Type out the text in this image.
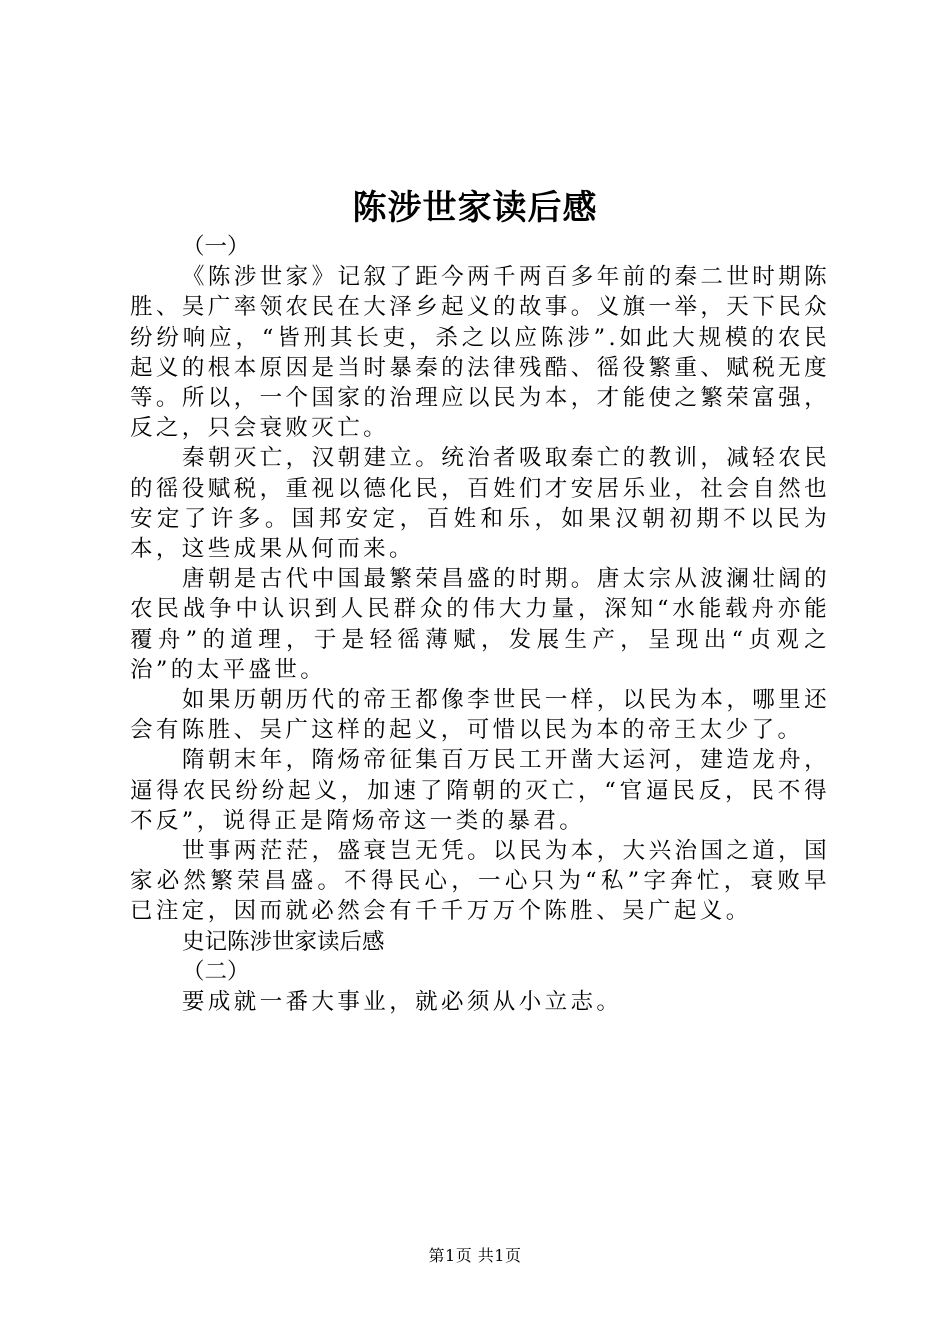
陈涉世家读后感

（一）

《陈涉世家》记叙了距今两千两百多年前的秦二世时期陈胜、吴广率领农民在大泽乡起义的故事。义旗一举，天下民众纷纷响应，“皆刑其长吏，杀之以应陈涉”.如此大规模的农民起义的根本原因是当时暴秦的法律残酷、徭役繁重、赋税无度等。所以，一个国家的治理应以民为本，才能使之繁荣富强，反之，只会衰败灭亡。

秦朝灭亡，汉朝建立。统治者吸取秦亡的教训，减轻农民的徭役赋税，重视以德化民，百姓们才安居乐业，社会自然也安定了许多。国邦安定，百姓和乐，如果汉朝初期不以民为本，这些成果从何而来。

唐朝是古代中国最繁荣昌盛的时期。唐太宗从波澜壮阔的农民战争中认识到人民群众的伟大力量，深知“水能载舟亦能覆舟”的道理，于是轻徭薄赋，发展生产，呈现出“贞观之治”的太平盛世。

如果历朝历代的帝王都像李世民一样，以民为本，哪里还会有陈胜、吴广这样的起义，可惜以民为本的帝王太少了。

隋朝末年，隋炀帝征集百万民工开凿大运河，建造龙舟，逼得农民纷纷起义，加速了隋朝的灭亡，“官逼民反，民不得不反”，说得正是隋炀帝这一类的暴君。

世事两茫茫，盛衰岂无凭。以民为本，大兴治国之道，国家必然繁荣昌盛。不得民心，一心只为“私”字奔忙，衰败早已注定，因而就必然会有千千万万个陈胜、吴广起义。

史记陈涉世家读后感

（二）

要成就一番大事业，就必须从小立志。

第1页 共1页
